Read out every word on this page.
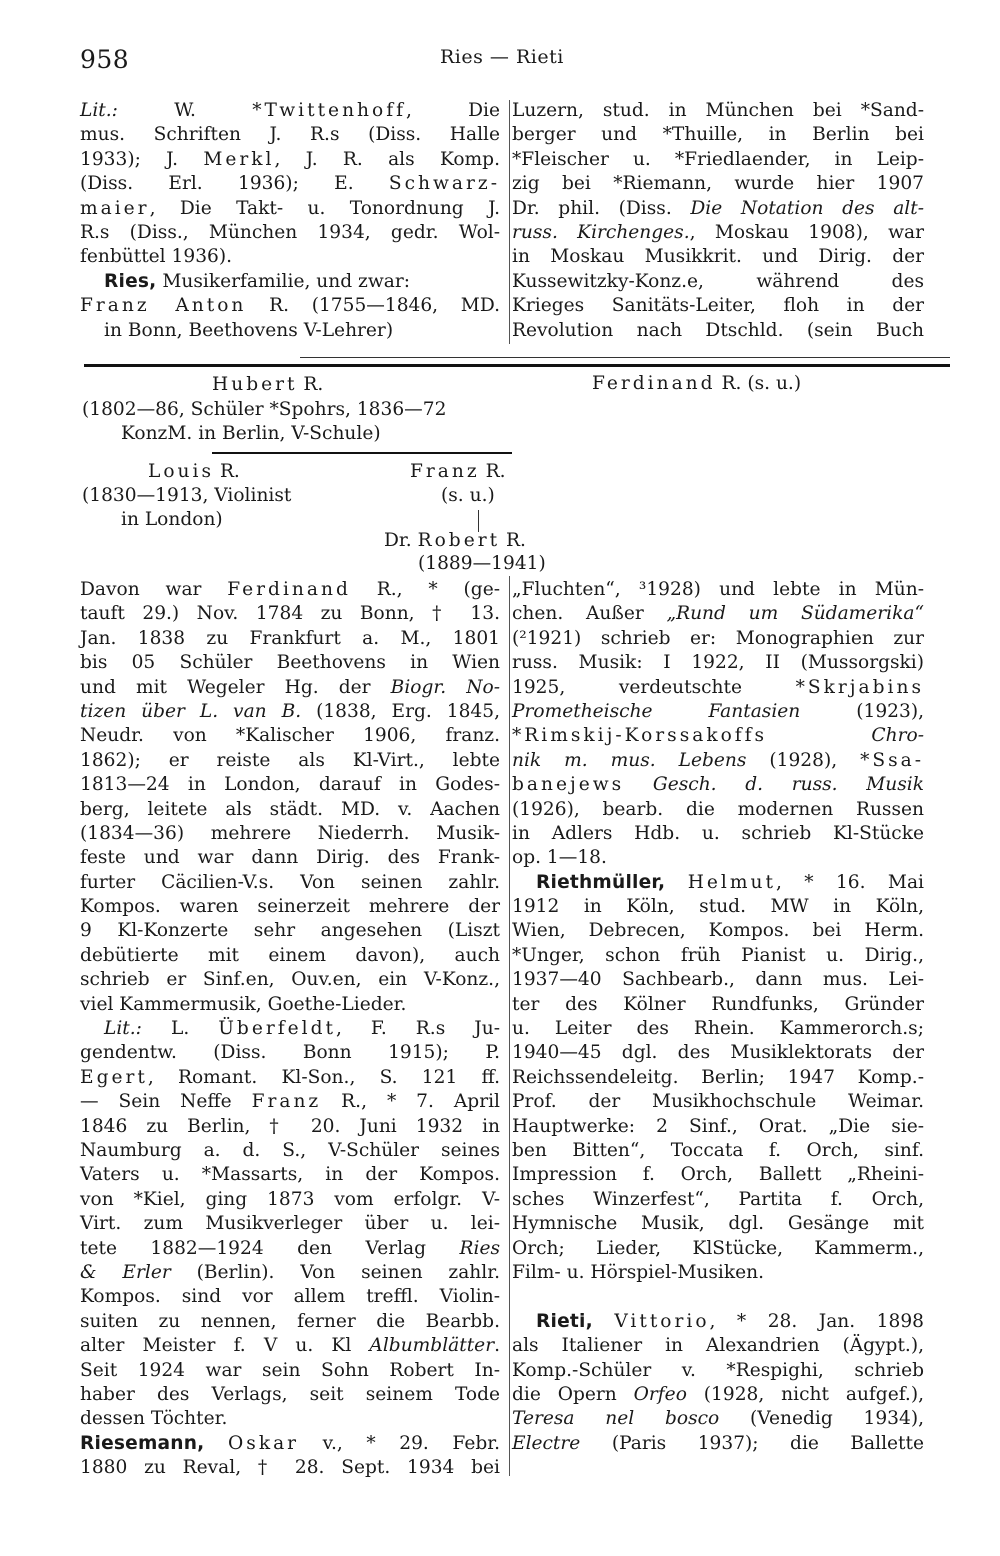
958	Ries — Rieti
Lit.: W. *Twittenhoff, Die
mus. Schriften J. R.s (Diss. Halle
1933); J. Merkl, J. R. als Komp.
(Diss. Erl. 1936); E. Schwarz-
maier, Die Takt- u. Tonordnung J.
R.s (Diss., München 1934, gedr. Wol-
fenbüttel 1936).
Ries, Musikerfamilie, und zwar:
Franz Anton R. (1755—1846, MD.
in Bonn, Beethovens V-Lehrer)
Luzern, stud. in München bei *Sand-
berger und *Thuille, in Berlin bei
*Fleischer u. *Friedlaender, in Leip-
zig bei *Riemann, wurde hier 1907
Dr. phil. (Diss. Die Notation des alt-
russ. Kirchenges., Moskau 1908), war
in Moskau Musikkrit. und Dirig. der
Kussewitzky-Konz.e, während des
Krieges Sanitäts-Leiter, floh in der
Revolution nach Dtschld. (sein Buch
Hubert R.
(1802—86, Schüler *Spohrs, 1836—72
KonzM. in Berlin, V-Schule)
Ferdinand R. (s. u.)
Louis R.
(1830—1913, Violinist
in London)
Franz R.
(s. u.)
Dr. Robert R.
(1889—1941)
Davon war Ferdinand R., * (ge-
tauft 29.) Nov. 1784 zu Bonn, † 13.
Jan. 1838 zu Frankfurt a. M., 1801
bis 05 Schüler Beethovens in Wien
und mit Wegeler Hg. der Biogr. No-
tizen über L. van B. (1838, Erg. 1845,
Neudr. von *Kalischer 1906, franz.
1862); er reiste als Kl-Virt., lebte
1813—24 in London, darauf in Godes-
berg, leitete als städt. MD. v. Aachen
(1834—36) mehrere Niederrh. Musik-
feste und war dann Dirig. des Frank-
furter Cäcilien-V.s. Von seinen zahlr.
Kompos. waren seinerzeit mehrere der
9 Kl-Konzerte sehr angesehen (Liszt
debütierte mit einem davon), auch
schrieb er Sinf.en, Ouv.en, ein V-Konz.,
viel Kammermusik, Goethe-Lieder.
Lit.: L. Überfeldt, F. R.s Ju-
gendentw. (Diss. Bonn 1915); P.
Egert, Romant. Kl-Son., S. 121 ff.
— Sein Neffe Franz R., * 7. April
1846 zu Berlin, † 20. Juni 1932 in
Naumburg a. d. S., V-Schüler seines
Vaters u. *Massarts, in der Kompos.
von *Kiel, ging 1873 vom erfolgr. V-
Virt. zum Musikverleger über u. lei-
tete 1882—1924 den Verlag Ries
& Erler (Berlin). Von seinen zahlr.
Kompos. sind vor allem treffl. Violin-
suiten zu nennen, ferner die Bearbb.
alter Meister f. V u. Kl Albumblätter.
Seit 1924 war sein Sohn Robert In-
haber des Verlags, seit seinem Tode
dessen Töchter.
Riesemann, Oskar v., * 29. Febr.
1880 zu Reval, † 28. Sept. 1934 bei
„Fluchten“, ³1928) und lebte in Mün-
chen. Außer „Rund um Südamerika“
(²1921) schrieb er: Monographien zur
russ. Musik: I 1922, II (Mussorgski)
1925, verdeutschte *Skrjabins
Prometheische Fantasien (1923),
*Rimskij-Korssakoffs	Chro-
nik m. mus. Lebens (1928), *Ssa-
banejews Gesch. d. russ. Musik
(1926), bearb. die modernen Russen
in Adlers Hdb. u. schrieb Kl-Stücke
op. 1—18.
Riethmüller, Helmut, * 16. Mai
1912 in Köln, stud. MW in Köln,
Wien, Debrecen, Kompos. bei Herm.
*Unger, schon früh Pianist u. Dirig.,
1937—40 Sachbearb., dann mus. Lei-
ter des Kölner Rundfunks, Gründer
u. Leiter des Rhein. Kammerorch.s;
1940—45 dgl. des Musiklektorats der
Reichssendeleitg. Berlin; 1947 Komp.-
Prof. der Musikhochschule Weimar.
Hauptwerke: 2 Sinf., Orat. „Die sie-
ben Bitten“, Toccata f. Orch, sinf.
Impression f. Orch, Ballett „Rheini-
sches Winzerfest“, Partita f. Orch,
Hymnische Musik, dgl. Gesänge mit
Orch; Lieder, KlStücke, Kammerm.,
Film- u. Hörspiel-Musiken.
Rieti, Vittorio, * 28. Jan. 1898
als Italiener in Alexandrien (Ägypt.),
Komp.-Schüler v. *Respighi, schrieb
die Opern Orfeo (1928, nicht aufgef.),
Teresa nel bosco (Venedig 1934),
Electre (Paris 1937); die Ballette
